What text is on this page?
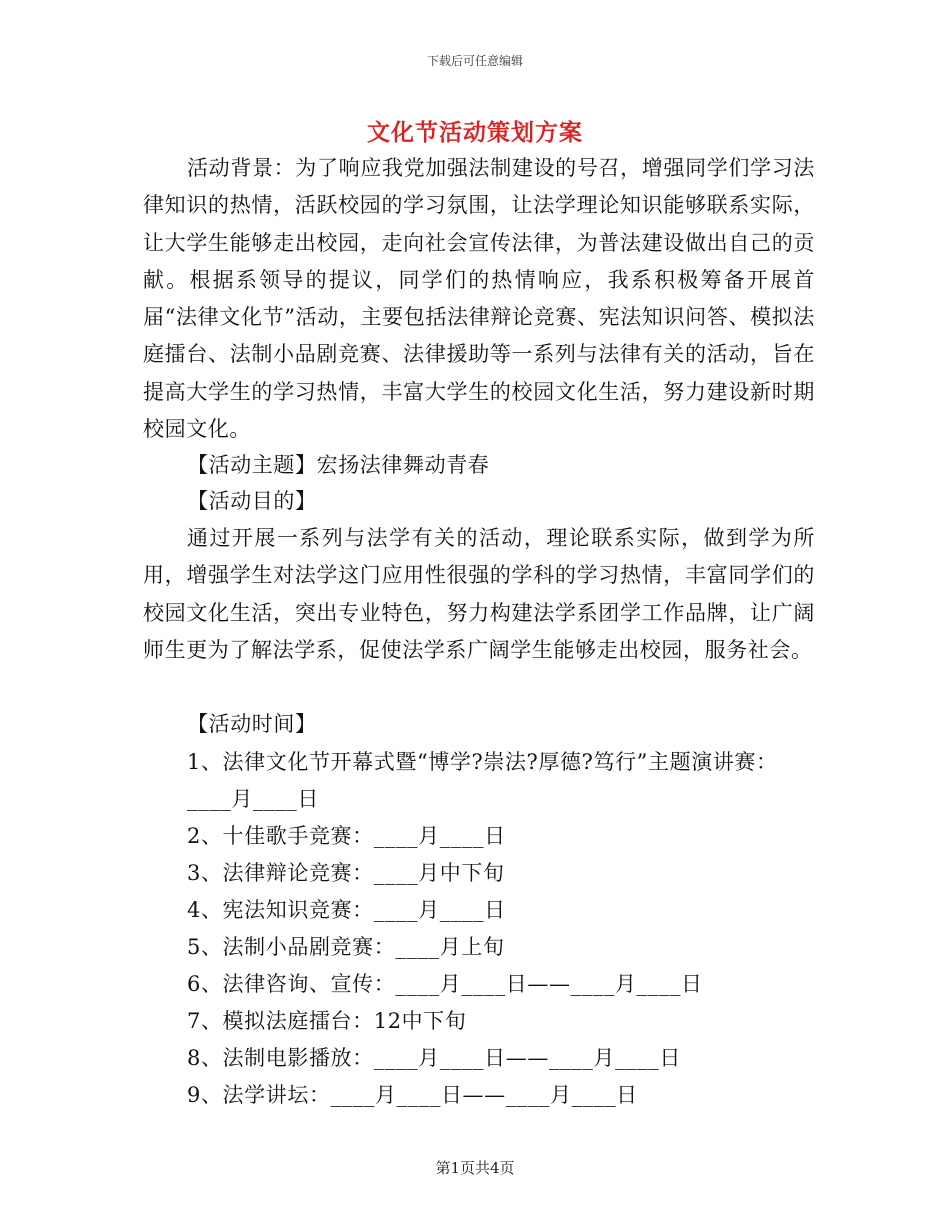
下载后可任意编辑
文化节活动策划方案
活动背景：为了响应我党加强法制建设的号召，增强同学们学习法律知识的热情，活跃校园的学习氛围，让法学理论知识能够联系实际，让大学生能够走出校园，走向社会宣传法律，为普法建设做出自己的贡献。根据系领导的提议，同学们的热情响应，我系积极筹备开展首届“法律文化节”活动，主要包括法律辩论竞赛、宪法知识问答、模拟法庭擂台、法制小品剧竞赛、法律援助等一系列与法律有关的活动，旨在提高大学生的学习热情，丰富大学生的校园文化生活，努力建设新时期校园文化。
【活动主题】宏扬法律舞动青春
【活动目的】
通过开展一系列与法学有关的活动，理论联系实际，做到学为所用，增强学生对法学这门应用性很强的学科的学习热情，丰富同学们的校园文化生活，突出专业特色，努力构建法学系团学工作品牌，让广阔师生更为了解法学系，促使法学系广阔学生能够走出校园，服务社会。
【活动时间】
1、法律文化节开幕式暨“博学?崇法?厚德?笃行”主题演讲赛：
____月____日
2、十佳歌手竞赛：____月____日
3、法律辩论竞赛：____月中下旬
4、宪法知识竞赛：____月____日
5、法制小品剧竞赛：____月上旬
6、法律咨询、宣传：____月____日——____月____日
7、模拟法庭擂台：12中下旬
8、法制电影播放：____月____日——____月____日
9、法学讲坛：____月____日——____月____日
第1页共4页
